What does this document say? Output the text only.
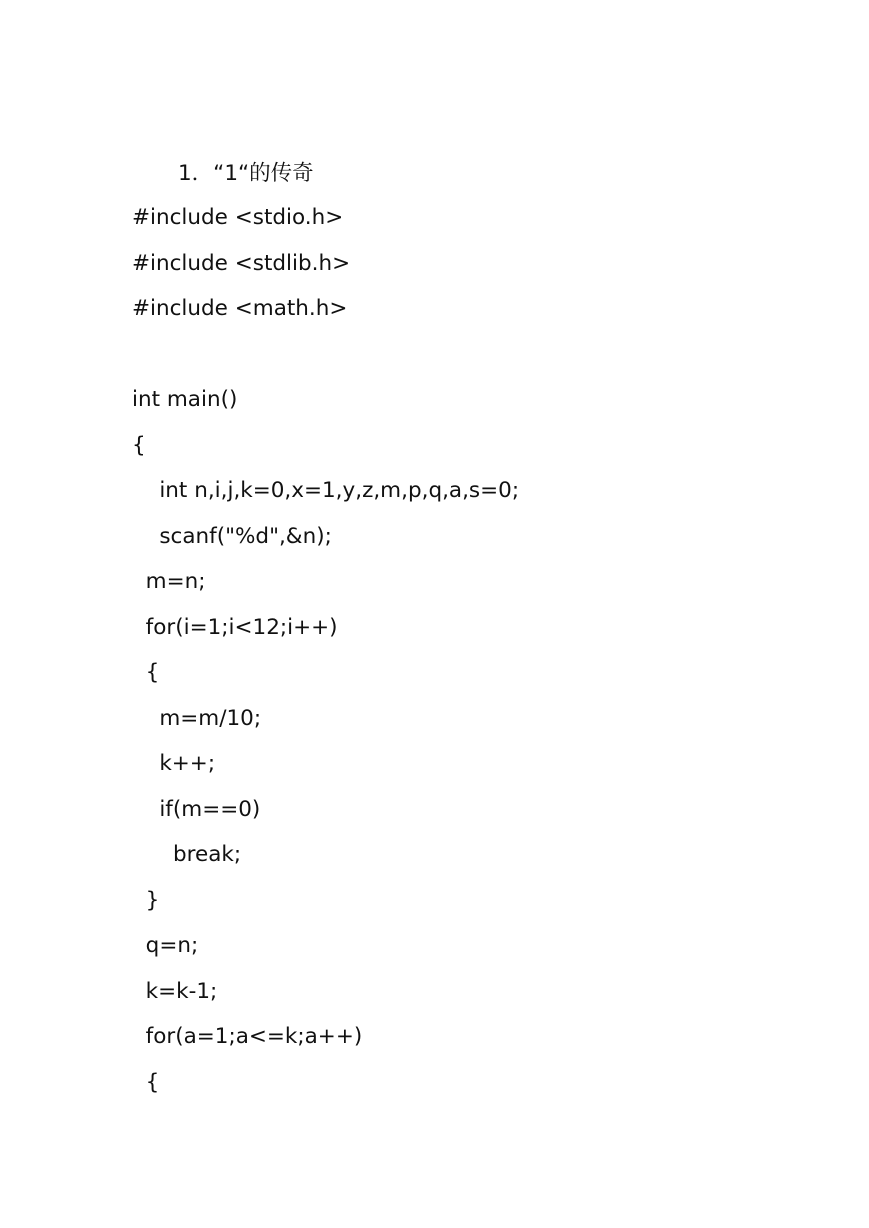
1．“1“的传奇
#include <stdio.h>
#include <stdlib.h>
#include <math.h>
int main()
{
int n,i,j,k=0,x=1,y,z,m,p,q,a,s=0;
scanf("%d",&n);
m=n;
for(i=1;i<12;i++)
{
m=m/10;
k++;
if(m==0)
break;
}
q=n;
k=k-1;
for(a=1;a<=k;a++)
{
